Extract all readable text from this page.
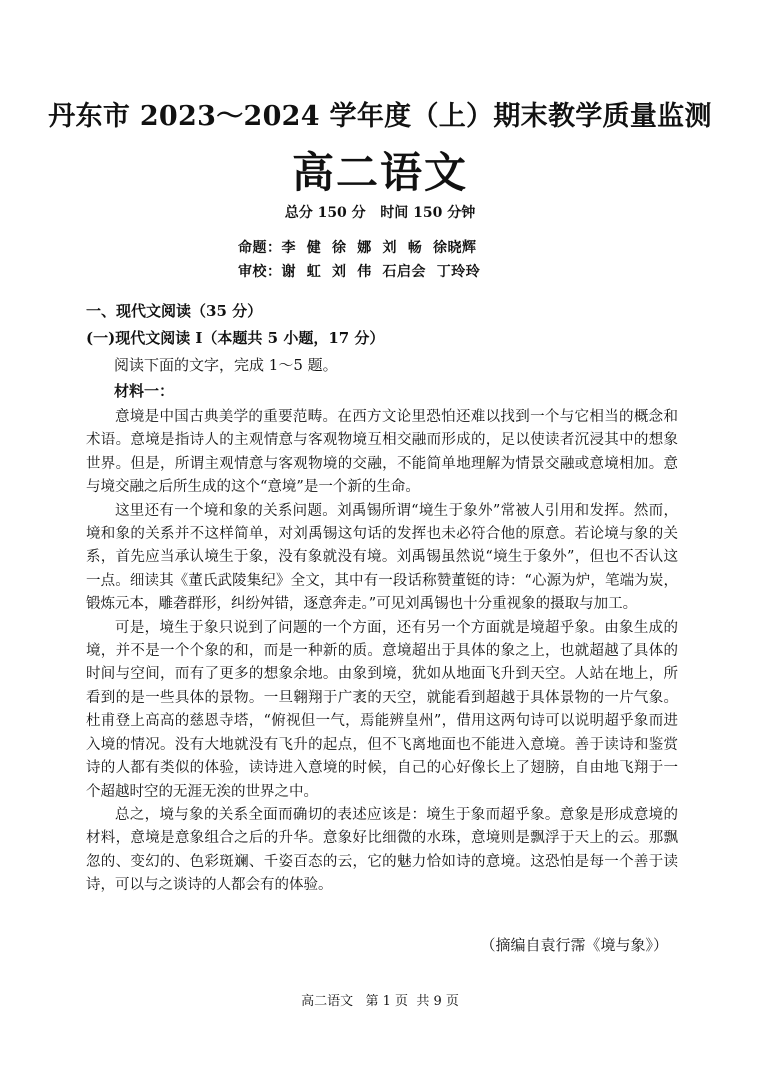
丹东市 2023～2024 学年度（上）期末教学质量监测
高二语文
总分 150 分   时间 150 分钟
命题：李  健  徐  娜  刘  畅  徐晓辉
审校：谢  虹  刘  伟  石启会  丁玲玲
一、现代文阅读（35 分）
(一)现代文阅读 I（本题共 5 小题，17 分）
阅读下面的文字，完成 1～5 题。
材料一：

意境是中国古典美学的重要范畴。在西方文论里恐怕还难以找到一个与它相当的概念和术语。意境是指诗人的主观情意与客观物境互相交融而形成的，足以使读者沉浸其中的想象世界。但是，所谓主观情意与客观物境的交融，不能简单地理解为情景交融或意境相加。意与境交融之后所生成的这个“意境”是一个新的生命。

这里还有一个境和象的关系问题。刘禹锡所谓“境生于象外”常被人引用和发挥。然而，境和象的关系并不这样简单，对刘禹锡这句话的发挥也未必符合他的原意。若论境与象的关系，首先应当承认境生于象，没有象就没有境。刘禹锡虽然说“境生于象外”，但也不否认这一点。细读其《董氏武陵集纪》全文，其中有一段话称赞董铤的诗：“心源为炉，笔端为炭，锻炼元本，雕砻群形，纠纷舛错，逐意奔走。”可见刘禹锡也十分重视象的摄取与加工。

可是，境生于象只说到了问题的一个方面，还有另一个方面就是境超乎象。由象生成的境，并不是一个个象的和，而是一种新的质。意境超出于具体的象之上，也就超越了具体的时间与空间，而有了更多的想象余地。由象到境，犹如从地面飞升到天空。人站在地上，所看到的是一些具体的景物。一旦翱翔于广袤的天空，就能看到超越于具体景物的一片气象。杜甫登上高高的慈恩寺塔，“俯视但一气，焉能辨皇州”，借用这两句诗可以说明超乎象而进入境的情况。没有大地就没有飞升的起点，但不飞离地面也不能进入意境。善于读诗和鉴赏诗的人都有类似的体验，读诗进入意境的时候，自己的心好像长上了翅膀，自由地飞翔于一个超越时空的无涯无涘的世界之中。

总之，境与象的关系全面而确切的表述应该是：境生于象而超乎象。意象是形成意境的材料，意境是意象组合之后的升华。意象好比细微的水珠，意境则是飘浮于天上的云。那飘忽的、变幻的、色彩斑斓、千姿百态的云，它的魅力恰如诗的意境。这恐怕是每一个善于读诗，可以与之谈诗的人都会有的体验。

（摘编自袁行霈《境与象》）
高二语文   第 1 页  共 9 页
